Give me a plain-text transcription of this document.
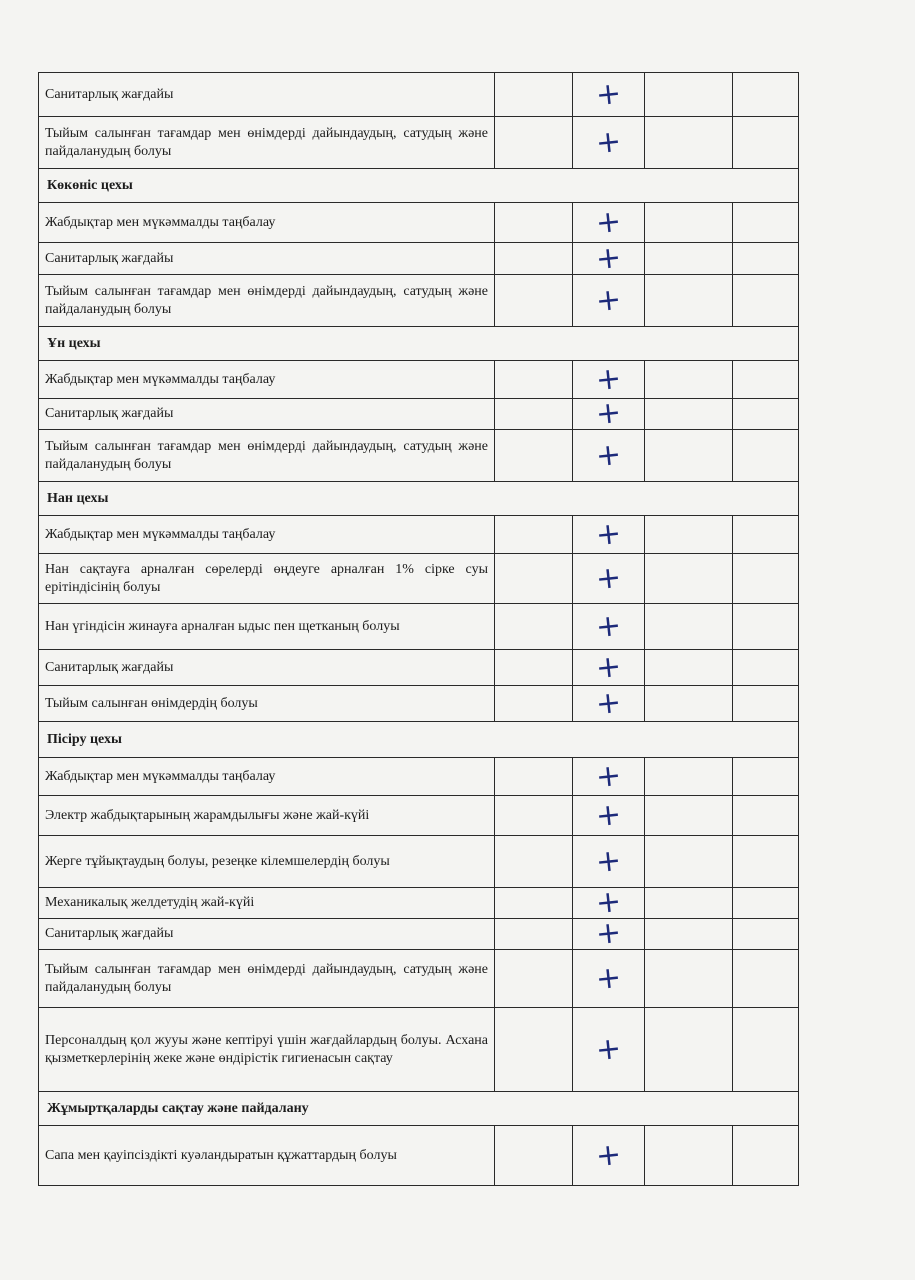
Санитарлық жағдайы		+		
Тыйым салынған тағамдар мен өнімдерді дайындаудың, сатудың және пайдаланудың болуы		+		
Көкөніс цехы				
Жабдықтар мен мүкәммалды таңбалау		+		
Санитарлық жағдайы		+		
Тыйым салынған тағамдар мен өнімдерді дайындаудың, сатудың және пайдаланудың болуы		+		
Ұн цехы				
Жабдықтар мен мүкәммалды таңбалау		+		
Санитарлық жағдайы		+		
Тыйым салынған тағамдар мен өнімдерді дайындаудың, сатудың және пайдаланудың болуы		+		
Нан цехы				
Жабдықтар мен мүкәммалды таңбалау		+		
Нан сақтауға арналған сөрелерді өңдеуге арналған 1% сірке суы ерітіндісінің болуы		+		
Нан үгіндісін жинауға арналған ыдыс пен щетканың болуы		+		
Санитарлық жағдайы		+		
Тыйым салынған өнімдердің болуы		+		
Пісіру цехы				
Жабдықтар мен мүкәммалды таңбалау		+		
Электр жабдықтарының жарамдылығы және жай-күйі		+		
Жерге тұйықтаудың болуы, резеңке кілемшелердің болуы		+		
Механикалық желдетудің жай-күйі		+		
Санитарлық жағдайы		+		
Тыйым салынған тағамдар мен өнімдерді дайындаудың, сатудың және пайдаланудың болуы		+		
Персоналдың қол жууы және кептіруі үшін жағдайлардың болуы. Асхана қызметкерлерінің жеке және өндірістік гигиенасын сақтау		+		
Жұмыртқаларды сақтау және пайдалану				
Сапа мен қауіпсіздікті куәландыратын құжаттардың болуы		+		
